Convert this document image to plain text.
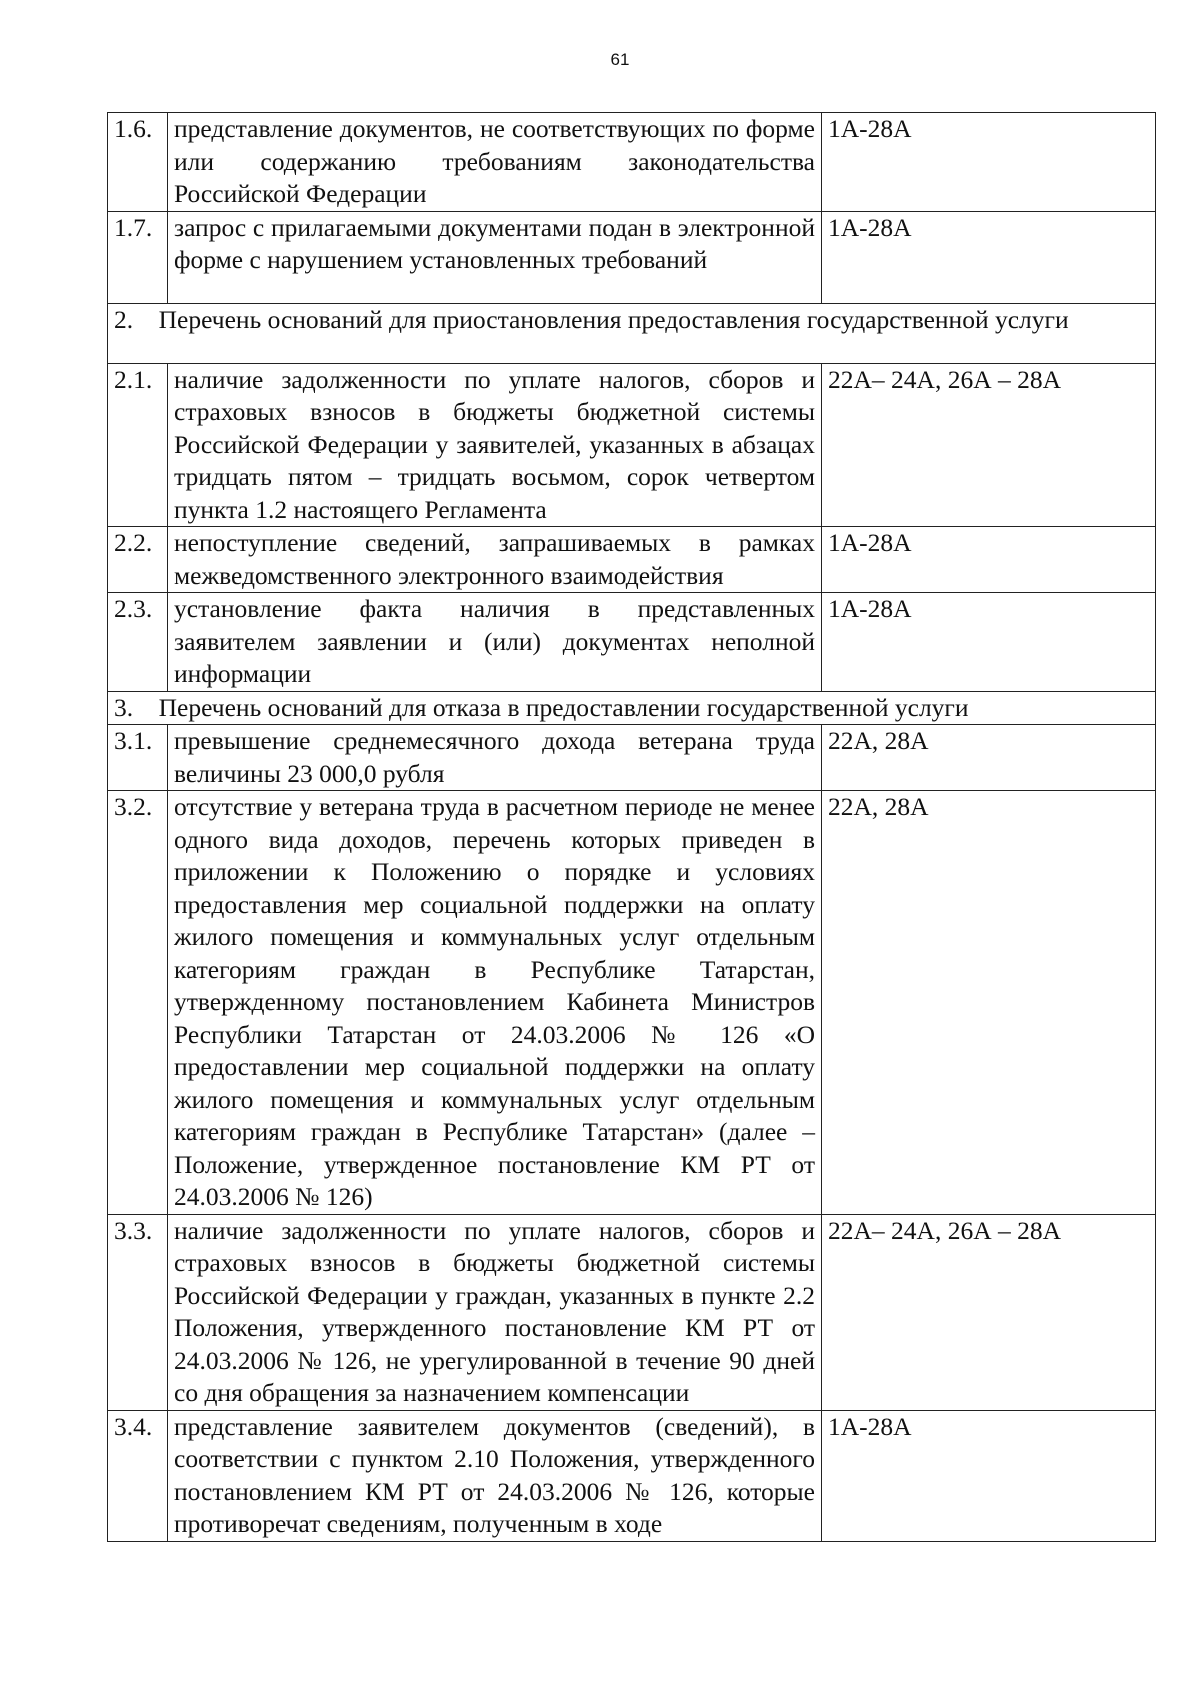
61
1.6.	представление документов, не соответствующих по форме или содержанию требованиям законодательства Российской Федерации	1А-28А
1.7.	запрос с прилагаемыми документами подан в электронной форме с нарушением установленных требований	1А-28А
2. Перечень оснований для приостановления предоставления государственной услуги		
2.1.	наличие задолженности по уплате налогов, сборов и страховых взносов в бюджеты бюджетной системы Российской Федерации у заявителей, указанных в абзацах тридцать пятом – тридцать восьмом, сорок четвертом пункта 1.2 настоящего Регламента	22А– 24А, 26А – 28А
2.2.	непоступление сведений, запрашиваемых в рамках межведомственного электронного взаимодействия	1А-28А
2.3.	установление факта наличия в представленных заявителем заявлении и (или) документах неполной информации	1А-28А
3. Перечень оснований для отказа в предоставлении государственной услуги		
3.1.	превышение среднемесячного дохода ветерана труда величины 23 000,0 рубля	22А, 28А
3.2.	отсутствие у ветерана труда в расчетном периоде не менее одного вида доходов, перечень которых приведен в приложении к Положению о порядке и условиях предоставления мер социальной поддержки на оплату жилого помещения и коммунальных услуг отдельным категориям граждан в Республике Татарстан, утвержденному постановлением Кабинета Министров Республики Татарстан от 24.03.2006 № 126 «О предоставлении мер социальной поддержки на оплату жилого помещения и коммунальных услуг отдельным категориям граждан в Республике Татарстан» (далее – Положение, утвержденное постановление КМ РТ от 24.03.2006 № 126)	22А, 28А
3.3.	наличие задолженности по уплате налогов, сборов и страховых взносов в бюджеты бюджетной системы Российской Федерации у граждан, указанных в пункте 2.2 Положения, утвержденного постановление КМ РТ от 24.03.2006 № 126, не урегулированной в течение 90 дней со дня обращения за назначением компенсации	22А– 24А, 26А – 28А
3.4.	представление заявителем документов (сведений), в соответствии с пунктом 2.10 Положения, утвержденного постановлением КМ РТ от 24.03.2006 № 126, которые противоречат сведениям, полученным в ходе	1А-28А
